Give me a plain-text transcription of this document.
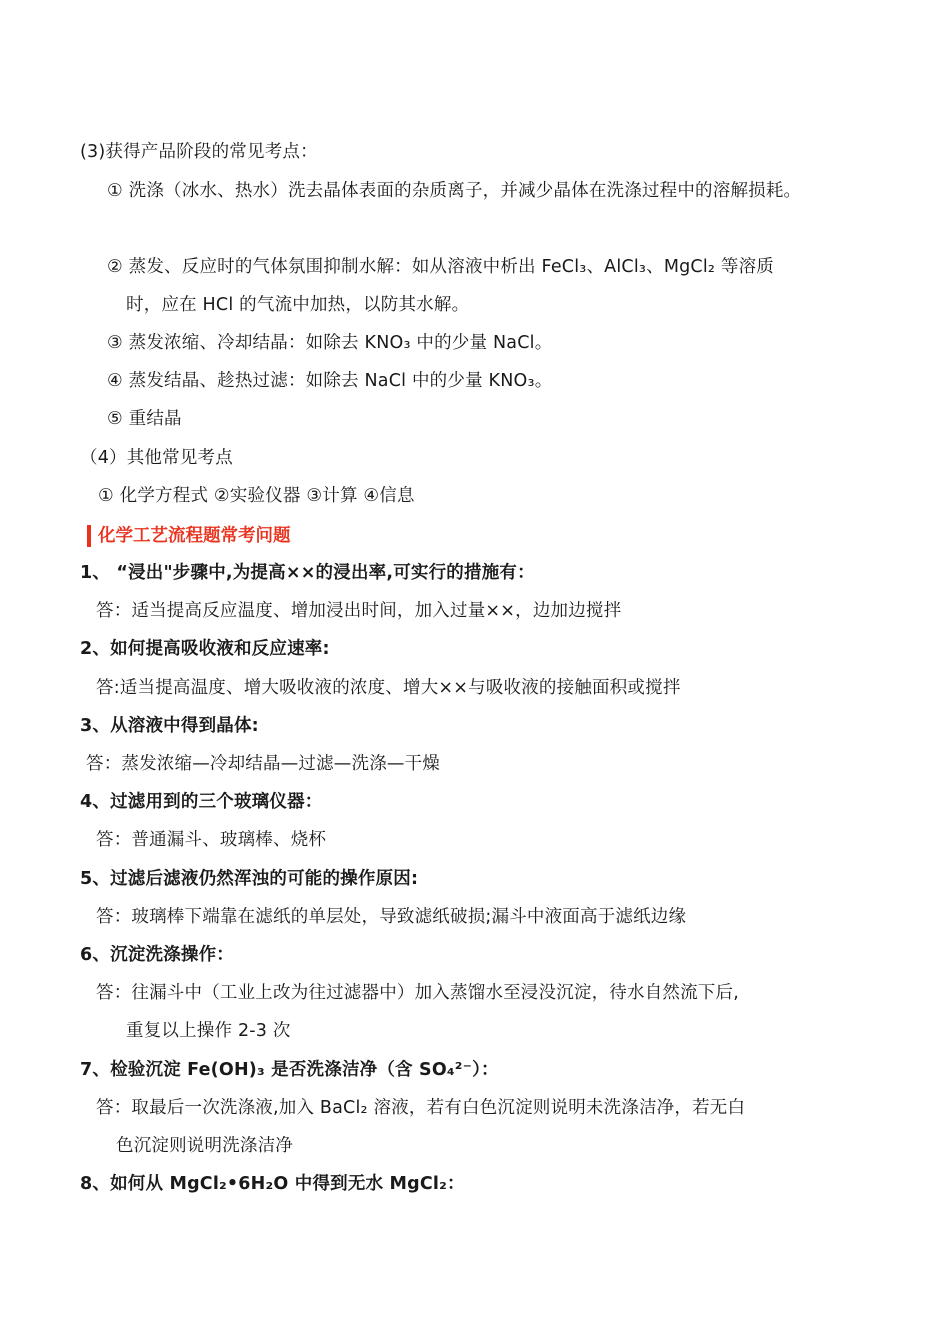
(3)获得产品阶段的常见考点：
① 洗涤（冰水、热水）洗去晶体表面的杂质离子，并减少晶体在洗涤过程中的溶解损耗。
② 蒸发、反应时的气体氛围抑制水解：如从溶液中析出 FeCl₃、AlCl₃、MgCl₂ 等溶质
时，应在 HCl 的气流中加热，以防其水解。
③ 蒸发浓缩、冷却结晶：如除去 KNO₃ 中的少量 NaCl。
④ 蒸发结晶、趁热过滤：如除去 NaCl 中的少量 KNO₃。
⑤ 重结晶
（4）其他常见考点
① 化学方程式 ②实验仪器 ③计算 ④信息
化学工艺流程题常考问题
1、 “浸出"步骤中,为提高××的浸出率,可实行的措施有：
答：适当提高反应温度、增加浸出时间，加入过量××，边加边搅拌
2、如何提高吸收液和反应速率:
答:适当提高温度、增大吸收液的浓度、增大××与吸收液的接触面积或搅拌
3、从溶液中得到晶体:
答：蒸发浓缩—冷却结晶—过滤—洗涤—干燥
4、过滤用到的三个玻璃仪器：
答：普通漏斗、玻璃棒、烧杯
5、过滤后滤液仍然浑浊的可能的操作原因:
答：玻璃棒下端靠在滤纸的单层处，导致滤纸破损;漏斗中液面高于滤纸边缘
6、沉淀洗涤操作：
答：往漏斗中（工业上改为往过滤器中）加入蒸馏水至浸没沉淀，待水自然流下后,
重复以上操作 2-3 次
7、检验沉淀 Fe(OH)₃ 是否洗涤洁净（含 SO₄²⁻）：
答：取最后一次洗涤液,加入 BaCl₂ 溶液，若有白色沉淀则说明未洗涤洁净，若无白
色沉淀则说明洗涤洁净
8、如何从 MgCl₂•6H₂O 中得到无水 MgCl₂：
